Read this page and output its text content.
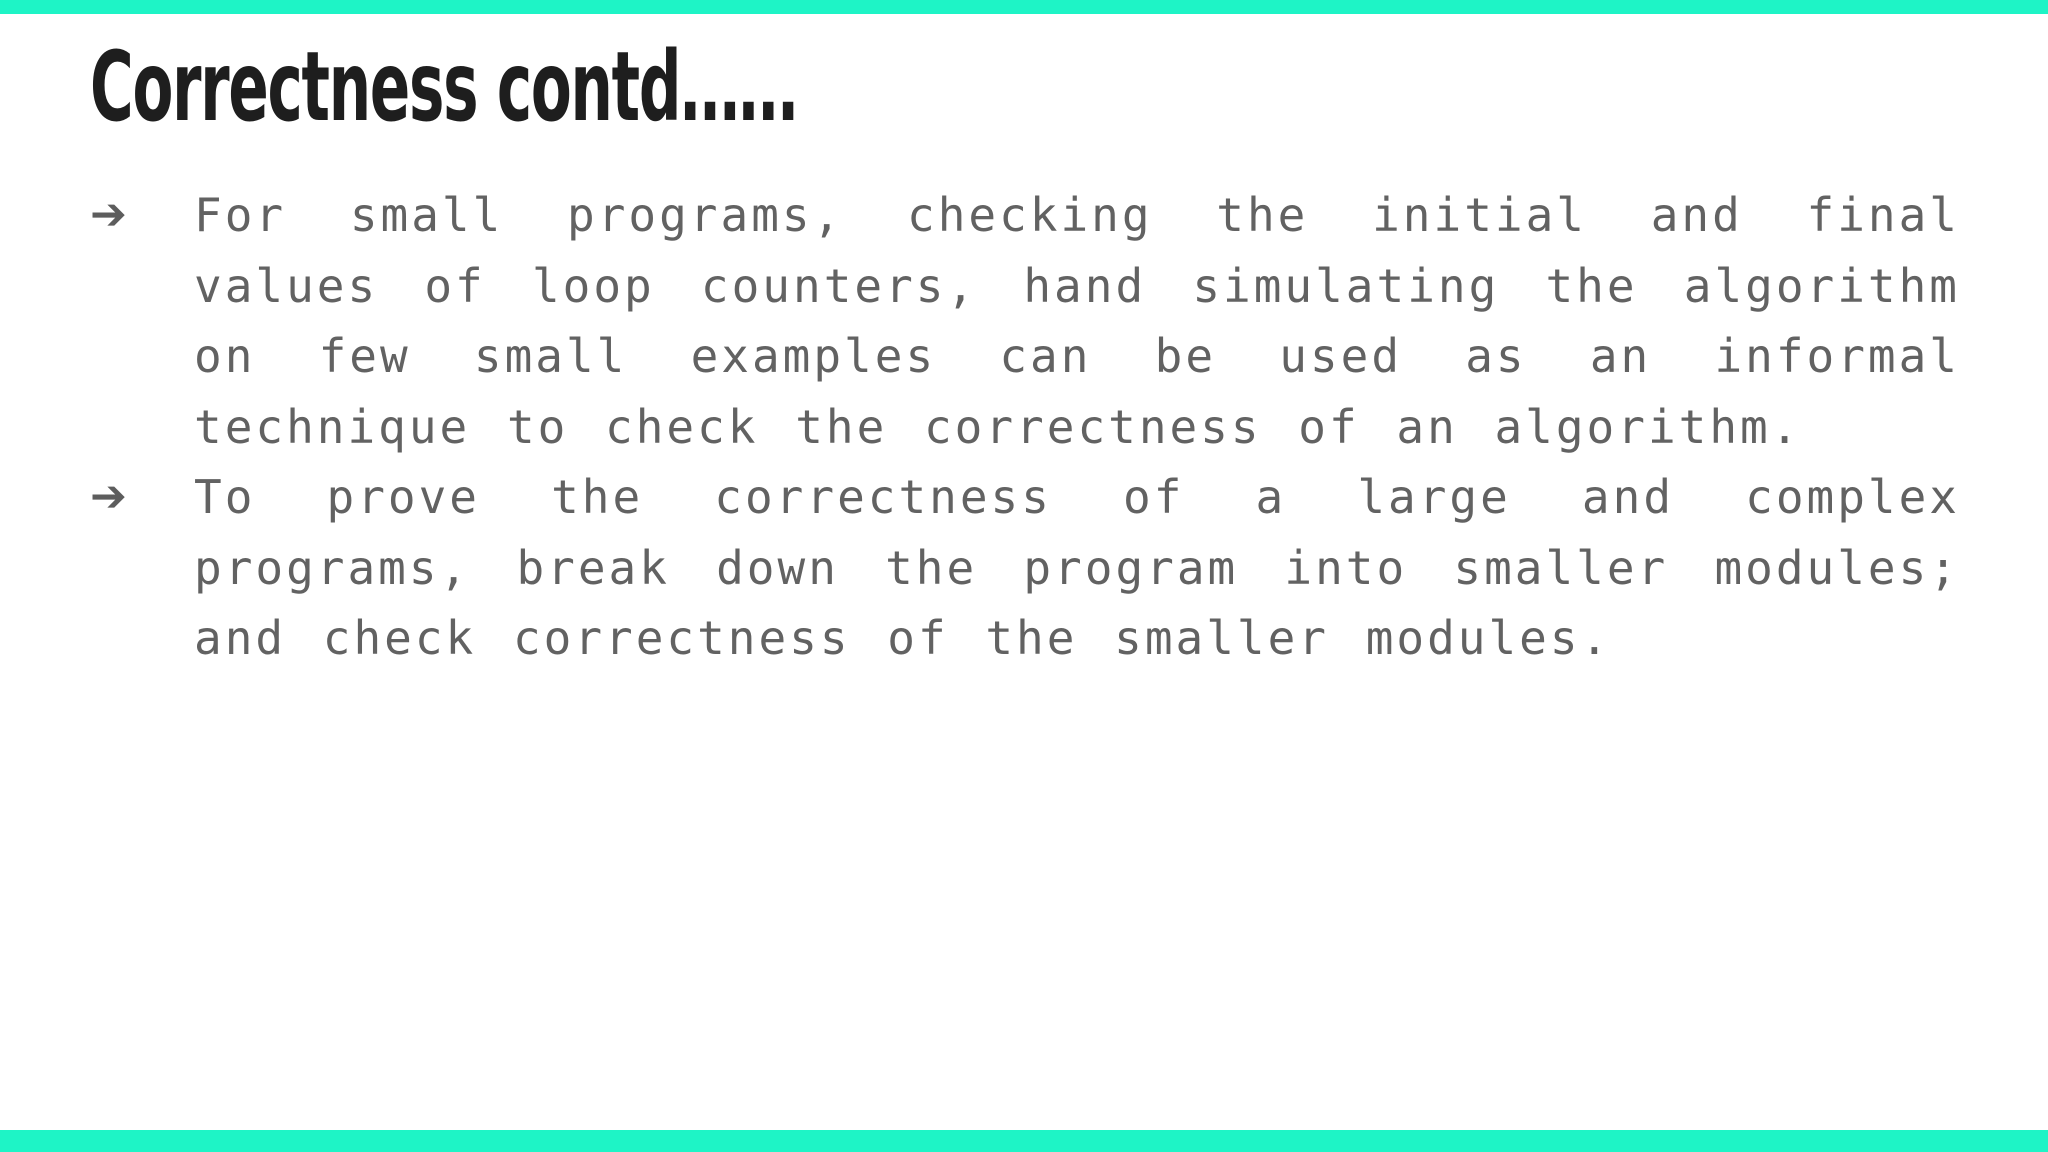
Correctness contd……
➔	For small programs, checking the initial and final values of loop counters, hand simulating the algorithm on few small examples can be used as an informal technique to check the correctness of an algorithm.
➔	To prove the correctness of a large and complex programs, break down the program into smaller modules; and check correctness of the smaller modules.
